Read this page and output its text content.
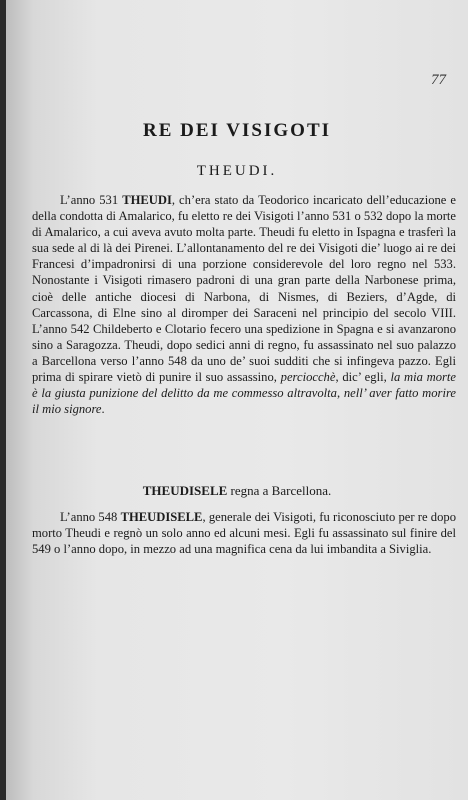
77
RE DEI VISIGOTI
THEUDI.
L’anno 531 THEUDI, ch’era stato da Teodorico incaricato dell’educazione e della condotta di Amalarico, fu eletto re dei Visigoti l’anno 531 o 532 dopo la morte di Amalarico, a cui aveva avuto molta parte. Theudi fu eletto in Ispagna e trasferì la sua sede al di là dei Pirenei. L’allontanamento del re dei Visigoti die’ luogo ai re dei Francesi d’impadronirsi di una porzione considerevole del loro regno nel 533. Nonostante i Visigoti rimasero padroni di una gran parte della Narbonese prima, cioè delle antiche diocesi di Narbona, di Nismes, di Beziers, d’Agde, di Carcassona, di Elne sino al diromper dei Saraceni nel principio del secolo VIII. L’anno 542 Childeberto e Clotario fecero una spedizione in Spagna e si avanzarono sino a Saragozza. Theudi, dopo sedici anni di regno, fu assassinato nel suo palazzo a Barcellona verso l’anno 548 da uno de’ suoi sudditi che si infingeva pazzo. Egli prima di spirare vietò di punire il suo assassino, perciocchè, dic’ egli, la mia morte è la giusta punizione del delitto da me commesso altravolta, nell’ aver fatto morire il mio signore.
THEUDISELE regna a Barcellona.
L’anno 548 THEUDISELE, generale dei Visigoti, fu riconosciuto per re dopo morto Theudi e regnò un solo anno ed alcuni mesi. Egli fu assassinato sul finire del 549 o l’anno dopo, in mezzo ad una magnifica cena da lui imbandita a Siviglia.
